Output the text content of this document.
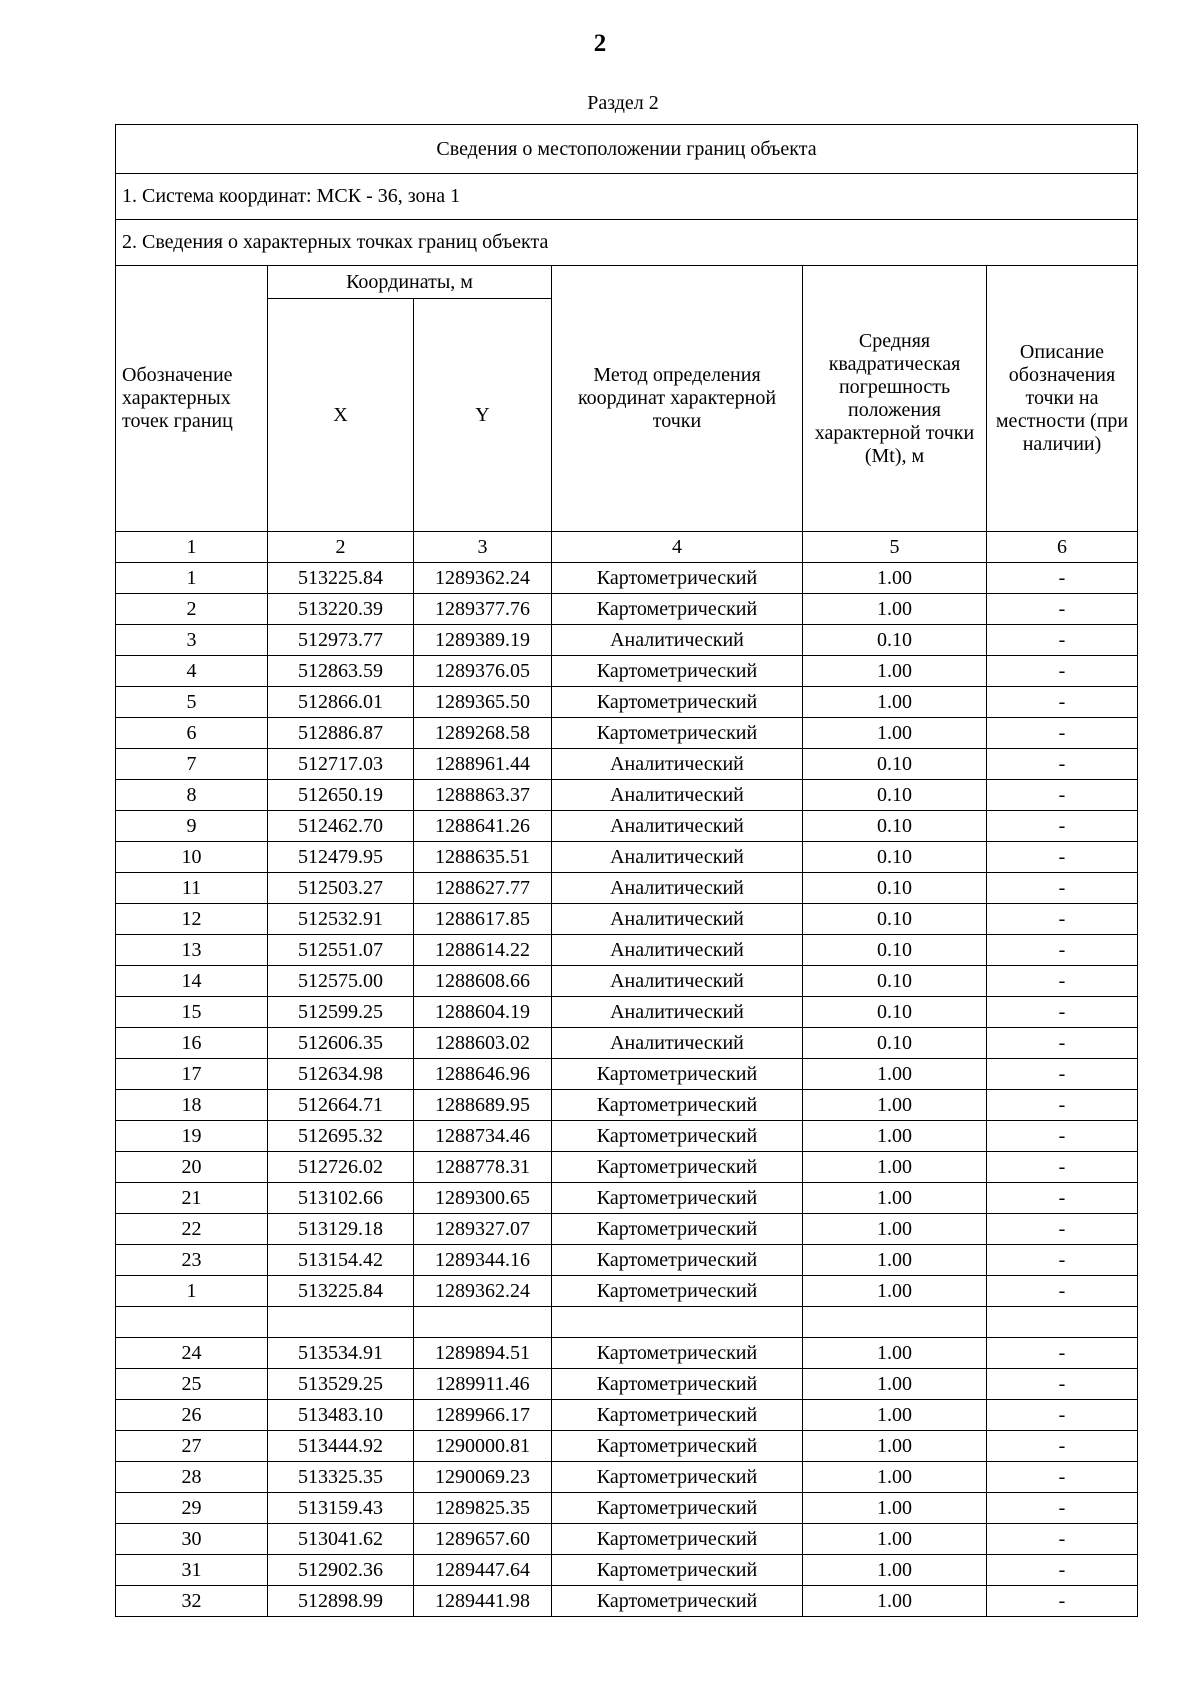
2
Раздел 2
Сведения о местоположении границ объекта					
1. Система координат: МСК - 36, зона 1					
2. Сведения о характерных точках границ объекта					
Обозначение характерных точек границ	Координаты, м		Метод определения координат характерной точки	Средняя квадратическая погрешность положения характерной точки (Mt), м	Описание обозначения точки на местности (при наличии)
	X	Y			
1	2	3	4	5	6
1	513225.84	1289362.24	Картометрический	1.00	-
2	513220.39	1289377.76	Картометрический	1.00	-
3	512973.77	1289389.19	Аналитический	0.10	-
4	512863.59	1289376.05	Картометрический	1.00	-
5	512866.01	1289365.50	Картометрический	1.00	-
6	512886.87	1289268.58	Картометрический	1.00	-
7	512717.03	1288961.44	Аналитический	0.10	-
8	512650.19	1288863.37	Аналитический	0.10	-
9	512462.70	1288641.26	Аналитический	0.10	-
10	512479.95	1288635.51	Аналитический	0.10	-
11	512503.27	1288627.77	Аналитический	0.10	-
12	512532.91	1288617.85	Аналитический	0.10	-
13	512551.07	1288614.22	Аналитический	0.10	-
14	512575.00	1288608.66	Аналитический	0.10	-
15	512599.25	1288604.19	Аналитический	0.10	-
16	512606.35	1288603.02	Аналитический	0.10	-
17	512634.98	1288646.96	Картометрический	1.00	-
18	512664.71	1288689.95	Картометрический	1.00	-
19	512695.32	1288734.46	Картометрический	1.00	-
20	512726.02	1288778.31	Картометрический	1.00	-
21	513102.66	1289300.65	Картометрический	1.00	-
22	513129.18	1289327.07	Картометрический	1.00	-
23	513154.42	1289344.16	Картометрический	1.00	-
1	513225.84	1289362.24	Картометрический	1.00	-

24	513534.91	1289894.51	Картометрический	1.00	-
25	513529.25	1289911.46	Картометрический	1.00	-
26	513483.10	1289966.17	Картометрический	1.00	-
27	513444.92	1290000.81	Картометрический	1.00	-
28	513325.35	1290069.23	Картометрический	1.00	-
29	513159.43	1289825.35	Картометрический	1.00	-
30	513041.62	1289657.60	Картометрический	1.00	-
31	512902.36	1289447.64	Картометрический	1.00	-
32	512898.99	1289441.98	Картометрический	1.00	-
